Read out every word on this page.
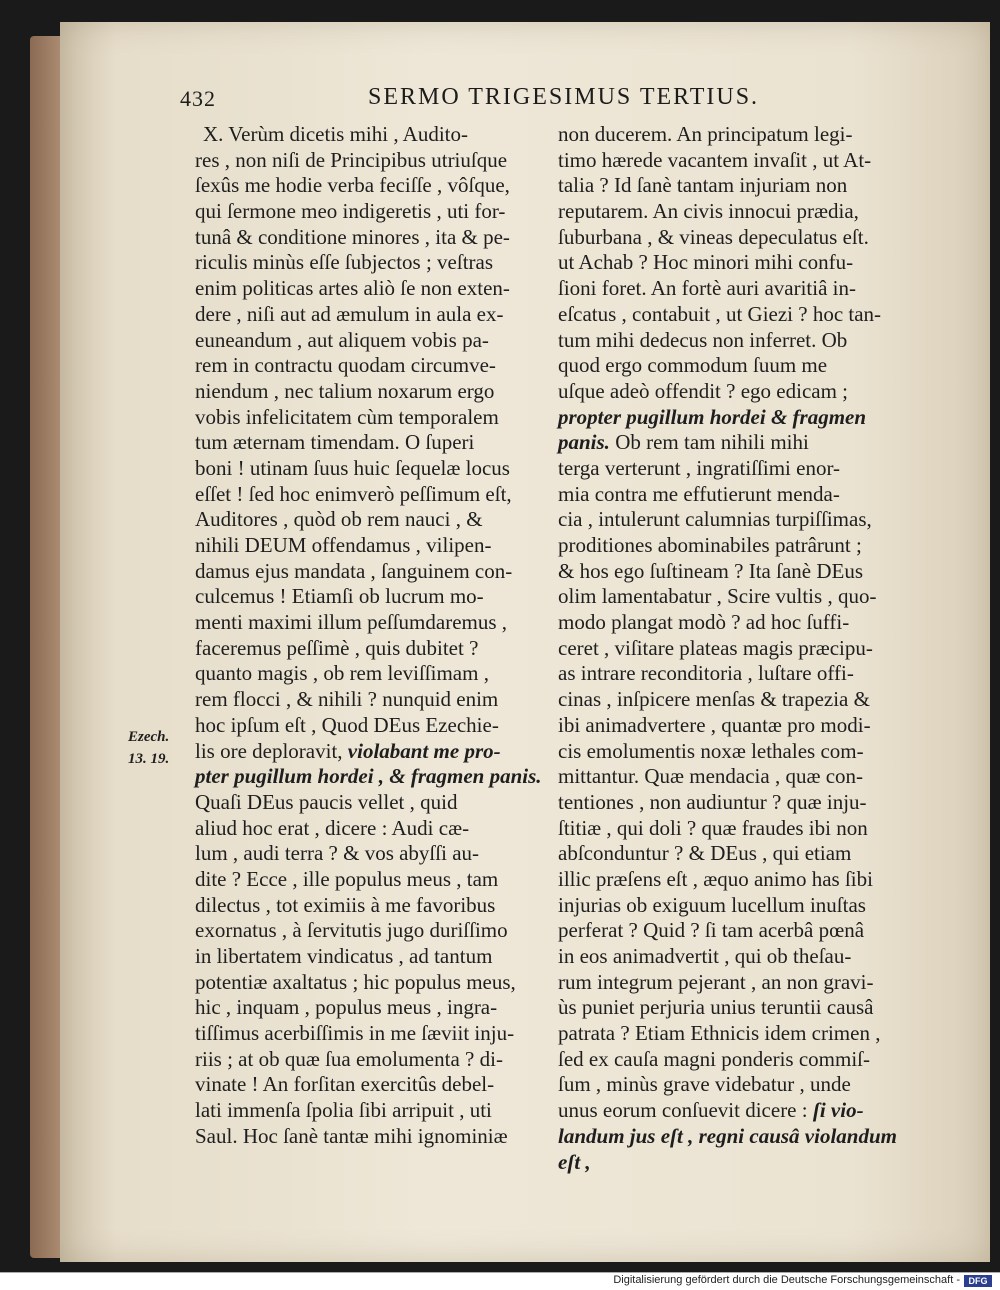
432	SERMO TRIGESIMUS TERTIUS.
Ezech.
13. 19.
X. Verùm dicetis mihi , Audito-
res , non niſi de Principibus utriuſque
ſexûs me hodie verba feciſſe , vôſque,
qui ſermone meo indigeretis , uti for-
tunâ & conditione minores , ita & pe-
riculis minùs eſſe ſubjectos ; veſtras
enim politicas artes aliò ſe non exten-
dere , niſi aut ad æmulum in aula ex-
euneandum , aut aliquem vobis pa-
rem in contractu quodam circumve-
niendum , nec talium noxarum ergo
vobis infelicitatem cùm temporalem
tum æternam timendam. O ſuperi
boni ! utinam ſuus huic ſequelæ locus
eſſet ! ſed hoc enimverò peſſimum eſt,
Auditores , quòd ob rem nauci , &
nihili DEUM offendamus , vilipen-
damus ejus mandata , ſanguinem con-
culcemus ! Etiamſi ob lucrum mo-
menti maximi illum peſſumdaremus ,
faceremus peſſimè , quis dubitet ?
quanto magis , ob rem leviſſimam ,
rem flocci , & nihili ? nunquid enim
hoc ipſum eſt , Quod DEus Ezechie-
lis ore deploravit, violabant me pro-
pter pugillum hordei , & fragmen panis.
Quaſi DEus paucis vellet , quid
aliud hoc erat , dicere : Audi cæ-
lum , audi terra ? & vos abyſſi au-
dite ? Ecce , ille populus meus , tam
dilectus , tot eximiis à me favoribus
exornatus , à ſervitutis jugo duriſſimo
in libertatem vindicatus , ad tantum
potentiæ axaltatus ; hic populus meus,
hic , inquam , populus meus , ingra-
tiſſimus acerbiſſimis in me ſæviit inju-
riis ; at ob quæ ſua emolumenta ? di-
vinate ! An forſitan exercitûs debel-
lati immenſa ſpolia ſibi arripuit , uti
Saul. Hoc ſanè tantæ mihi ignominiæ
non ducerem. An principatum legi-
timo hærede vacantem invaſit , ut At-
talia ? Id ſanè tantam injuriam non
reputarem. An civis innocui prædia,
ſuburbana , & vineas depeculatus eſt.
ut Achab ? Hoc minori mihi confu-
ſioni foret. An fortè auri avaritiâ in-
eſcatus , contabuit , ut Giezi ? hoc tan-
tum mihi dedecus non inferret. Ob
quod ergo commodum ſuum me
uſque adeò offendit ? ego edicam ;
propter pugillum hordei & fragmen
panis. Ob rem tam nihili mihi
terga verterunt , ingratiſſimi enor-
mia contra me effutierunt menda-
cia , intulerunt calumnias turpiſſimas,
proditiones abominabiles patrârunt ;
& hos ego ſuſtineam ? Ita ſanè DEus
olim lamentabatur , Scire vultis , quo-
modo plangat modò ? ad hoc ſuffi-
ceret , viſitare plateas magis præcipu-
as intrare reconditoria , luſtare offi-
cinas , inſpicere menſas & trapezia &
ibi animadvertere , quantæ pro modi-
cis emolumentis noxæ lethales com-
mittantur. Quæ mendacia , quæ con-
tentiones , non audiuntur ? quæ inju-
ſtitiæ , qui doli ? quæ fraudes ibi non
abſconduntur ? & DEus , qui etiam
illic præſens eſt , æquo animo has ſibi
injurias ob exiguum lucellum inuſtas
perferat ? Quid ? ſi tam acerbâ pœnâ
in eos animadvertit , qui ob theſau-
rum integrum pejerant , an non gravi-
ùs puniet perjuria unius teruntii causâ
patrata ? Etiam Ethnicis idem crimen ,
ſed ex cauſa magni ponderis commiſ-
ſum , minùs grave videbatur , unde
unus eorum conſuevit dicere : ſi vio-
landum jus eſt , regni causâ violandum
eſt ,
Digitalisierung gefördert durch die Deutsche Forschungsgemeinschaft - DFG
